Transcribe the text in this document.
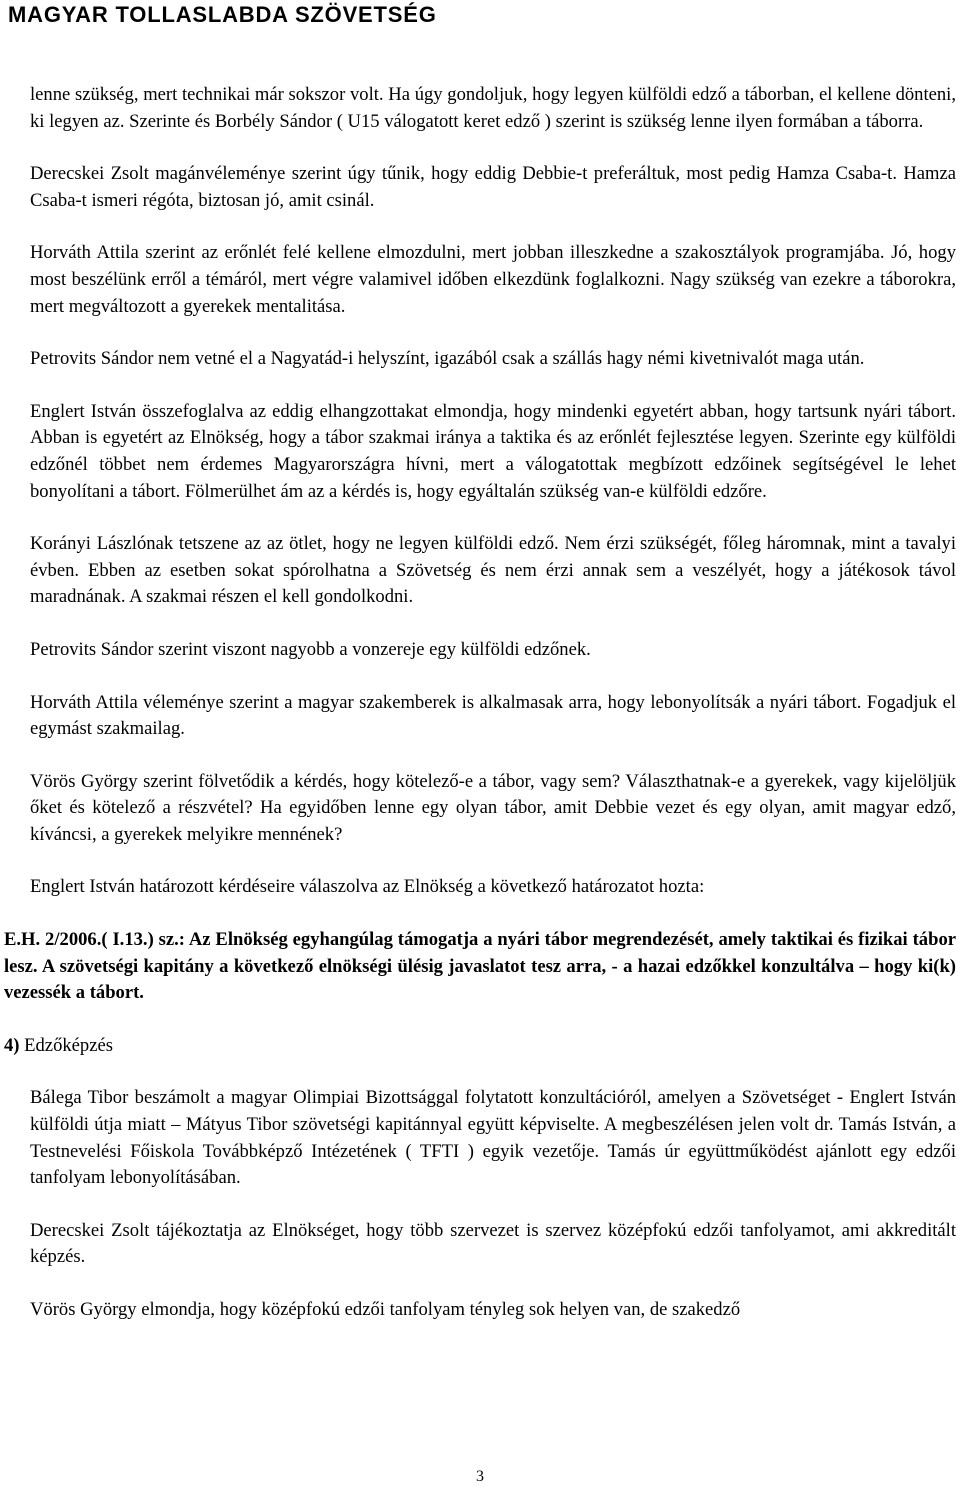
MAGYAR TOLLASLABDA SZÖVETSÉG

lenne szükség, mert technikai már sokszor volt. Ha úgy gondoljuk, hogy legyen külföldi edző a táborban, el kellene dönteni, ki legyen az. Szerinte és Borbély Sándor ( U15 válogatott keret edző ) szerint is szükség lenne ilyen formában a táborra.

Derecskei Zsolt magánvéleménye szerint úgy tűnik, hogy eddig Debbie-t preferáltuk, most pedig Hamza Csaba-t. Hamza Csaba-t ismeri régóta, biztosan jó, amit csinál.

Horváth Attila szerint az erőnlét felé kellene elmozdulni, mert jobban illeszkedne a szakosztályok programjába. Jó, hogy most beszélünk erről a témáról, mert végre valamivel időben elkezdünk foglalkozni. Nagy szükség van ezekre a táborokra, mert megváltozott a gyerekek mentalitása.

Petrovits Sándor nem vetné el a Nagyatád-i helyszínt, igazából csak a szállás hagy némi kivetnivalót maga után.

Englert István összefoglalva az eddig elhangzottakat elmondja, hogy mindenki egyetért abban, hogy tartsunk nyári tábort. Abban is egyetért az Elnökség, hogy a tábor szakmai iránya a taktika és az erőnlét fejlesztése legyen. Szerinte egy külföldi edzőnél többet nem érdemes Magyarországra hívni, mert a válogatottak megbízott edzőinek segítségével le lehet bonyolítani a tábort. Fölmerülhet ám az a kérdés is, hogy egyáltalán szükség van-e külföldi edzőre.

Korányi Lászlónak tetszene az az ötlet, hogy ne legyen külföldi edző. Nem érzi szükségét, főleg háromnak, mint a tavalyi évben. Ebben az esetben sokat spórolhatna a Szövetség és nem érzi annak sem a veszélyét, hogy a játékosok távol maradnának. A szakmai részen el kell gondolkodni.

Petrovits Sándor szerint viszont nagyobb a vonzereje egy külföldi edzőnek.

Horváth Attila véleménye szerint a magyar szakemberek is alkalmasak arra, hogy lebonyolítsák a nyári tábort. Fogadjuk el egymást szakmailag.

Vörös György szerint fölvetődik a kérdés, hogy kötelező-e a tábor, vagy sem? Választhatnak-e a gyerekek, vagy kijelöljük őket és kötelező a részvétel? Ha egyidőben lenne egy olyan tábor, amit Debbie vezet és egy olyan, amit magyar edző, kíváncsi, a gyerekek melyikre mennének?

Englert István határozott kérdéseire válaszolva az Elnökség a következő határozatot hozta:

E.H. 2/2006.( I.13.) sz.: Az Elnökség egyhangúlag támogatja a nyári tábor megrendezését, amely taktikai és fizikai tábor lesz. A szövetségi kapitány a következő elnökségi ülésig javaslatot tesz arra, - a hazai edzőkkel konzultálva – hogy ki(k) vezessék a tábort.

4) Edzőképzés

Bálega Tibor beszámolt a magyar Olimpiai Bizottsággal folytatott konzultációról, amelyen a Szövetséget - Englert István külföldi útja miatt – Mátyus Tibor szövetségi kapitánnyal együtt képviselte. A megbeszélésen jelen volt dr. Tamás István, a Testnevelési Főiskola Továbbképző Intézetének ( TFTI ) egyik vezetője. Tamás úr együttműködést ajánlott egy edzői tanfolyam lebonyolításában.

Derecskei Zsolt tájékoztatja az Elnökséget, hogy több szervezet is szervez középfokú edzői tanfolyamot, ami akkreditált képzés.

Vörös György elmondja, hogy középfokú edzői tanfolyam tényleg sok helyen van, de szakedző

3
